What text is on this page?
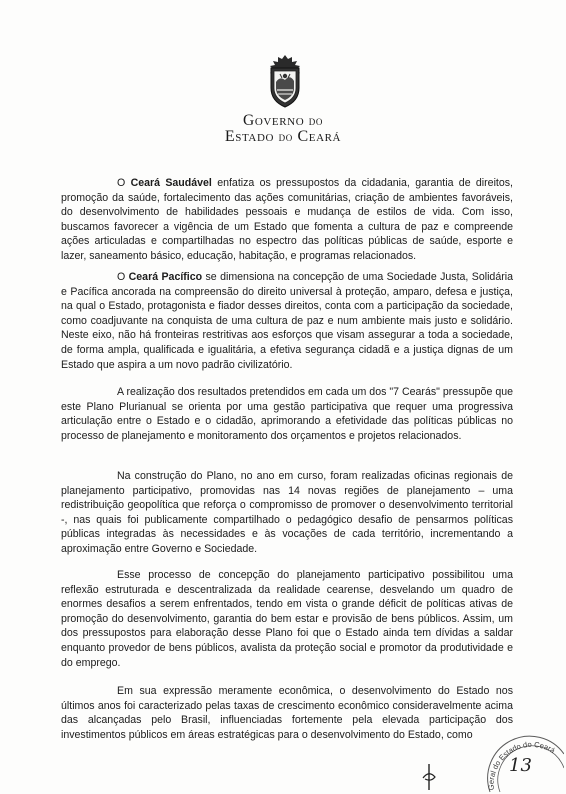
Governo do
Estado do Ceará

O Ceará Saudável enfatiza os pressupostos da cidadania, garantia de direitos, promoção da saúde, fortalecimento das ações comunitárias, criação de ambientes favoráveis, do desenvolvimento de habilidades pessoais e mudança de estilos de vida. Com isso, buscamos favorecer a vigência de um Estado que fomenta a cultura de paz e compreende ações articuladas e compartilhadas no espectro das políticas públicas de saúde, esporte e lazer, saneamento básico, educação, habitação, e programas relacionados.

O Ceará Pacífico se dimensiona na concepção de uma Sociedade Justa, Solidária e Pacífica ancorada na compreensão do direito universal à proteção, amparo, defesa e justiça, na qual o Estado, protagonista e fiador desses direitos, conta com a participação da sociedade, como coadjuvante na conquista de uma cultura de paz e num ambiente mais justo e solidário. Neste eixo, não há fronteiras restritivas aos esforços que visam assegurar a toda a sociedade, de forma ampla, qualificada e igualitária, a efetiva segurança cidadã e a justiça dignas de um Estado que aspira a um novo padrão civilizatório.

A realização dos resultados pretendidos em cada um dos "7 Cearás" pressupõe que este Plano Plurianual se orienta por uma gestão participativa que requer uma progressiva articulação entre o Estado e o cidadão, aprimorando a efetividade das políticas públicas no processo de planejamento e monitoramento dos orçamentos e projetos relacionados.

Na construção do Plano, no ano em curso, foram realizadas oficinas regionais de planejamento participativo, promovidas nas 14 novas regiões de planejamento – uma redistribuição geopolítica que reforça o compromisso de promover o desenvolvimento territorial -, nas quais foi publicamente compartilhado o pedagógico desafio de pensarmos políticas públicas integradas às necessidades e às vocações de cada território, incrementando a aproximação entre Governo e Sociedade.

Esse processo de concepção do planejamento participativo possibilitou uma reflexão estruturada e descentralizada da realidade cearense, desvelando um quadro de enormes desafios a serem enfrentados, tendo em vista o grande déficit de políticas ativas de promoção do desenvolvimento, garantia do bem estar e provisão de bens públicos. Assim, um dos pressupostos para elaboração desse Plano foi que o Estado ainda tem dívidas a saldar enquanto provedor de bens públicos, avalista da proteção social e promotor da produtividade e do emprego.

Em sua expressão meramente econômica, o desenvolvimento do Estado nos últimos anos foi caracterizado pelas taxas de crescimento econômico consideravelmente acima das alcançadas pelo Brasil, influenciadas fortemente pela elevada participação dos investimentos públicos em áreas estratégicas para o desenvolvimento do Estado, como

Geral do Estado do Ceará
13
